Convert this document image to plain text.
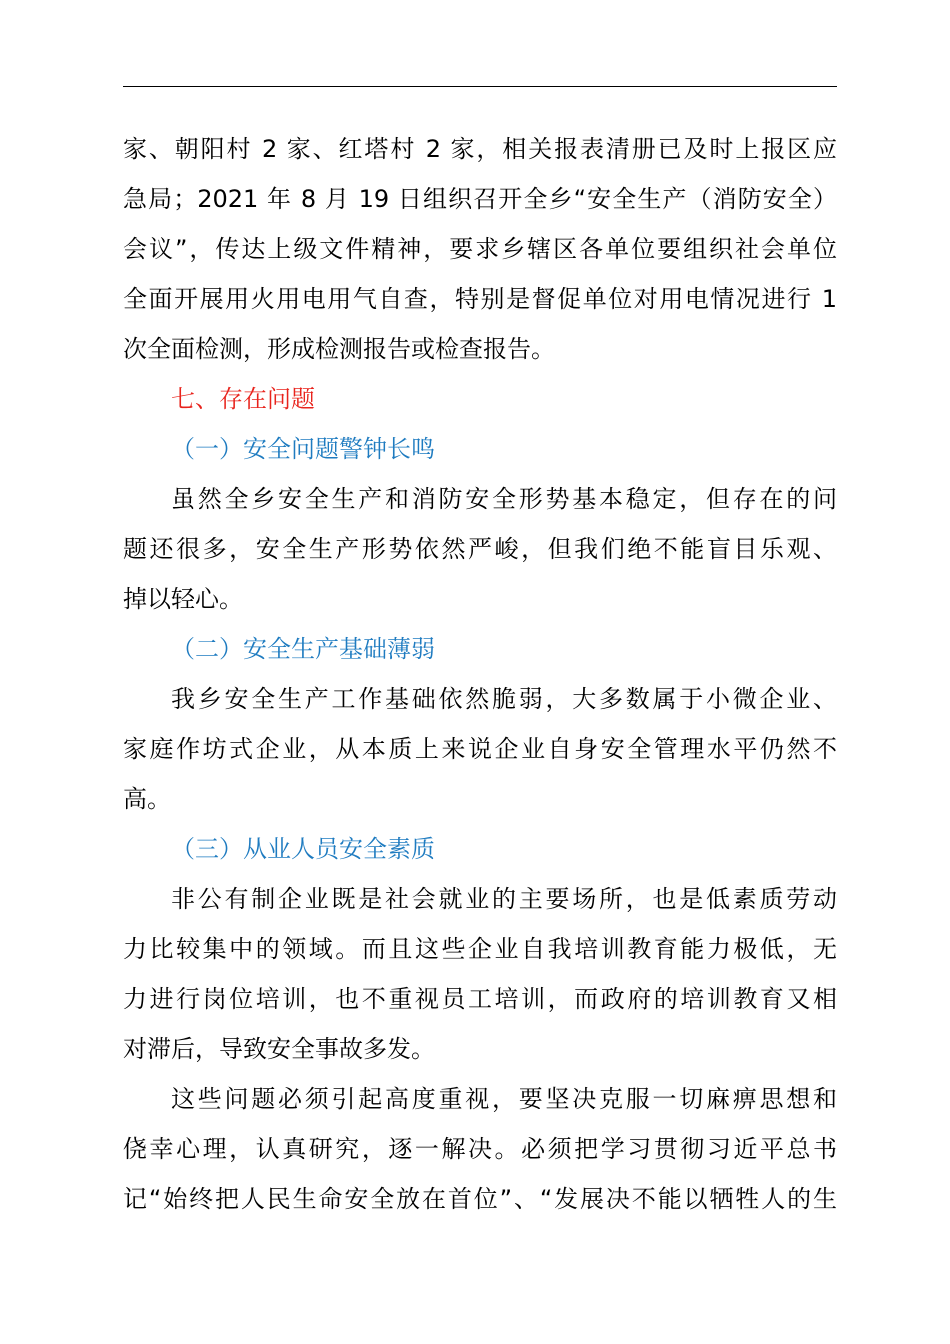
家、朝阳村 2 家、红塔村 2 家，相关报表清册已及时上报区应
急局；2021 年 8 月 19 日组织召开全乡“安全生产（消防安全）
会议”，传达上级文件精神，要求乡辖区各单位要组织社会单位
全面开展用火用电用气自查，特别是督促单位对用电情况进行 1
次全面检测，形成检测报告或检查报告。
七、存在问题
（一）安全问题警钟长鸣
虽然全乡安全生产和消防安全形势基本稳定，但存在的问
题还很多，安全生产形势依然严峻，但我们绝不能盲目乐观、
掉以轻心。
（二）安全生产基础薄弱
我乡安全生产工作基础依然脆弱，大多数属于小微企业、
家庭作坊式企业，从本质上来说企业自身安全管理水平仍然不
高。
（三）从业人员安全素质
非公有制企业既是社会就业的主要场所，也是低素质劳动
力比较集中的领域。而且这些企业自我培训教育能力极低，无
力进行岗位培训，也不重视员工培训，而政府的培训教育又相
对滞后，导致安全事故多发。
这些问题必须引起高度重视，要坚决克服一切麻痹思想和
侥幸心理，认真研究，逐一解决。必须把学习贯彻习近平总书
记“始终把人民生命安全放在首位”、“发展决不能以牺牲人的生
